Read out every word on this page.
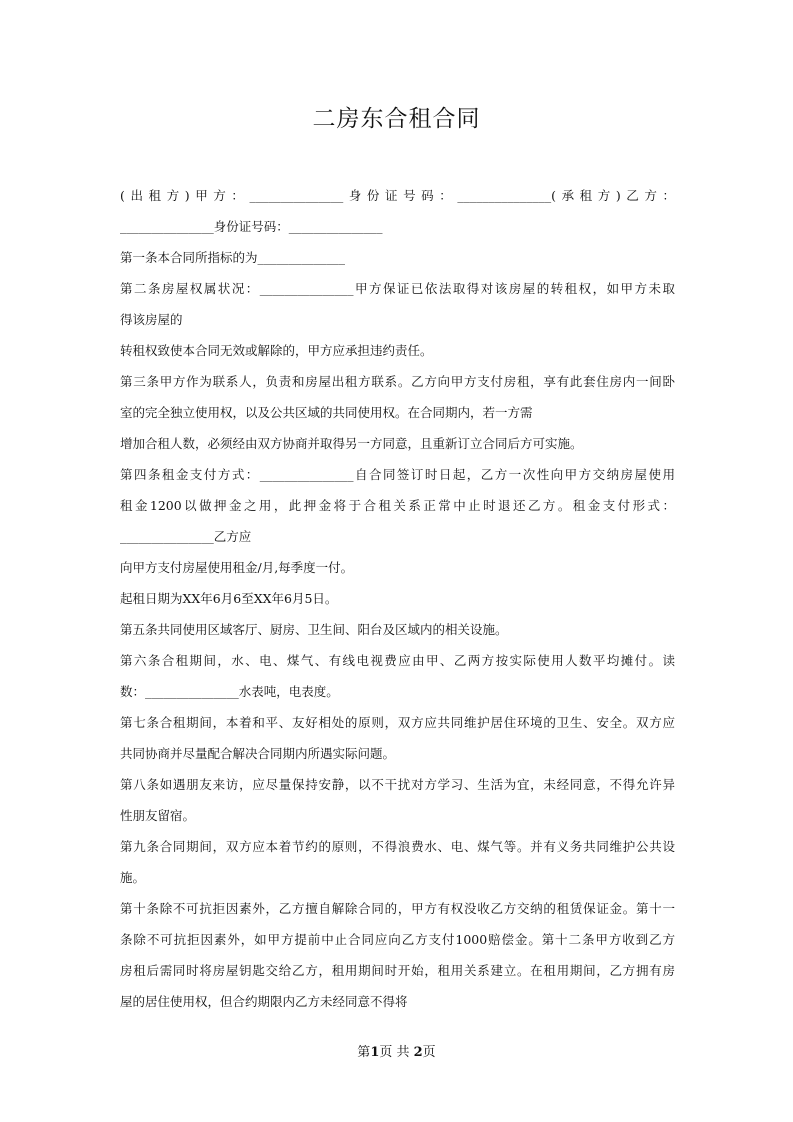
二房东合租合同
(出租方)甲方：_______________身份证号码：_______________(承租方)乙方：
_______________身份证号码：_______________
第一条本合同所指标的为______________
第二条房屋权属状况：_______________甲方保证已依法取得对该房屋的转租权，如甲方未取
得该房屋的
转租权致使本合同无效或解除的，甲方应承担违约责任。
第三条甲方作为联系人，负责和房屋出租方联系。乙方向甲方支付房租，享有此套住房内一间卧
室的完全独立使用权，以及公共区域的共同使用权。在合同期内，若一方需
增加合租人数，必须经由双方协商并取得另一方同意，且重新订立合同后方可实施。
第四条租金支付方式：_______________自合同签订时日起，乙方一次性向甲方交纳房屋使用
租金1200以做押金之用，此押金将于合租关系正常中止时退还乙方。租金支付形式：
_______________乙方应
向甲方支付房屋使用租金/月,每季度一付。
起租日期为XX年6月6至XX年6月5日。
第五条共同使用区域客厅、厨房、卫生间、阳台及区域内的相关设施。
第六条合租期间，水、电、煤气、有线电视费应由甲、乙两方按实际使用人数平均摊付。读
数：_______________水表吨，电表度。
第七条合租期间，本着和平、友好相处的原则，双方应共同维护居住环境的卫生、安全。双方应
共同协商并尽量配合解决合同期内所遇实际问题。
第八条如遇朋友来访，应尽量保持安静，以不干扰对方学习、生活为宜，未经同意，不得允许异
性朋友留宿。
第九条合同期间，双方应本着节约的原则，不得浪费水、电、煤气等。并有义务共同维护公共设
施。
第十条除不可抗拒因素外，乙方擅自解除合同的，甲方有权没收乙方交纳的租赁保证金。第十一
条除不可抗拒因素外，如甲方提前中止合同应向乙方支付1000赔偿金。第十二条甲方收到乙方
房租后需同时将房屋钥匙交给乙方，租用期间时开始，租用关系建立。在租用期间，乙方拥有房
屋的居住使用权，但合约期限内乙方未经同意不得将
第1页 共 2页
